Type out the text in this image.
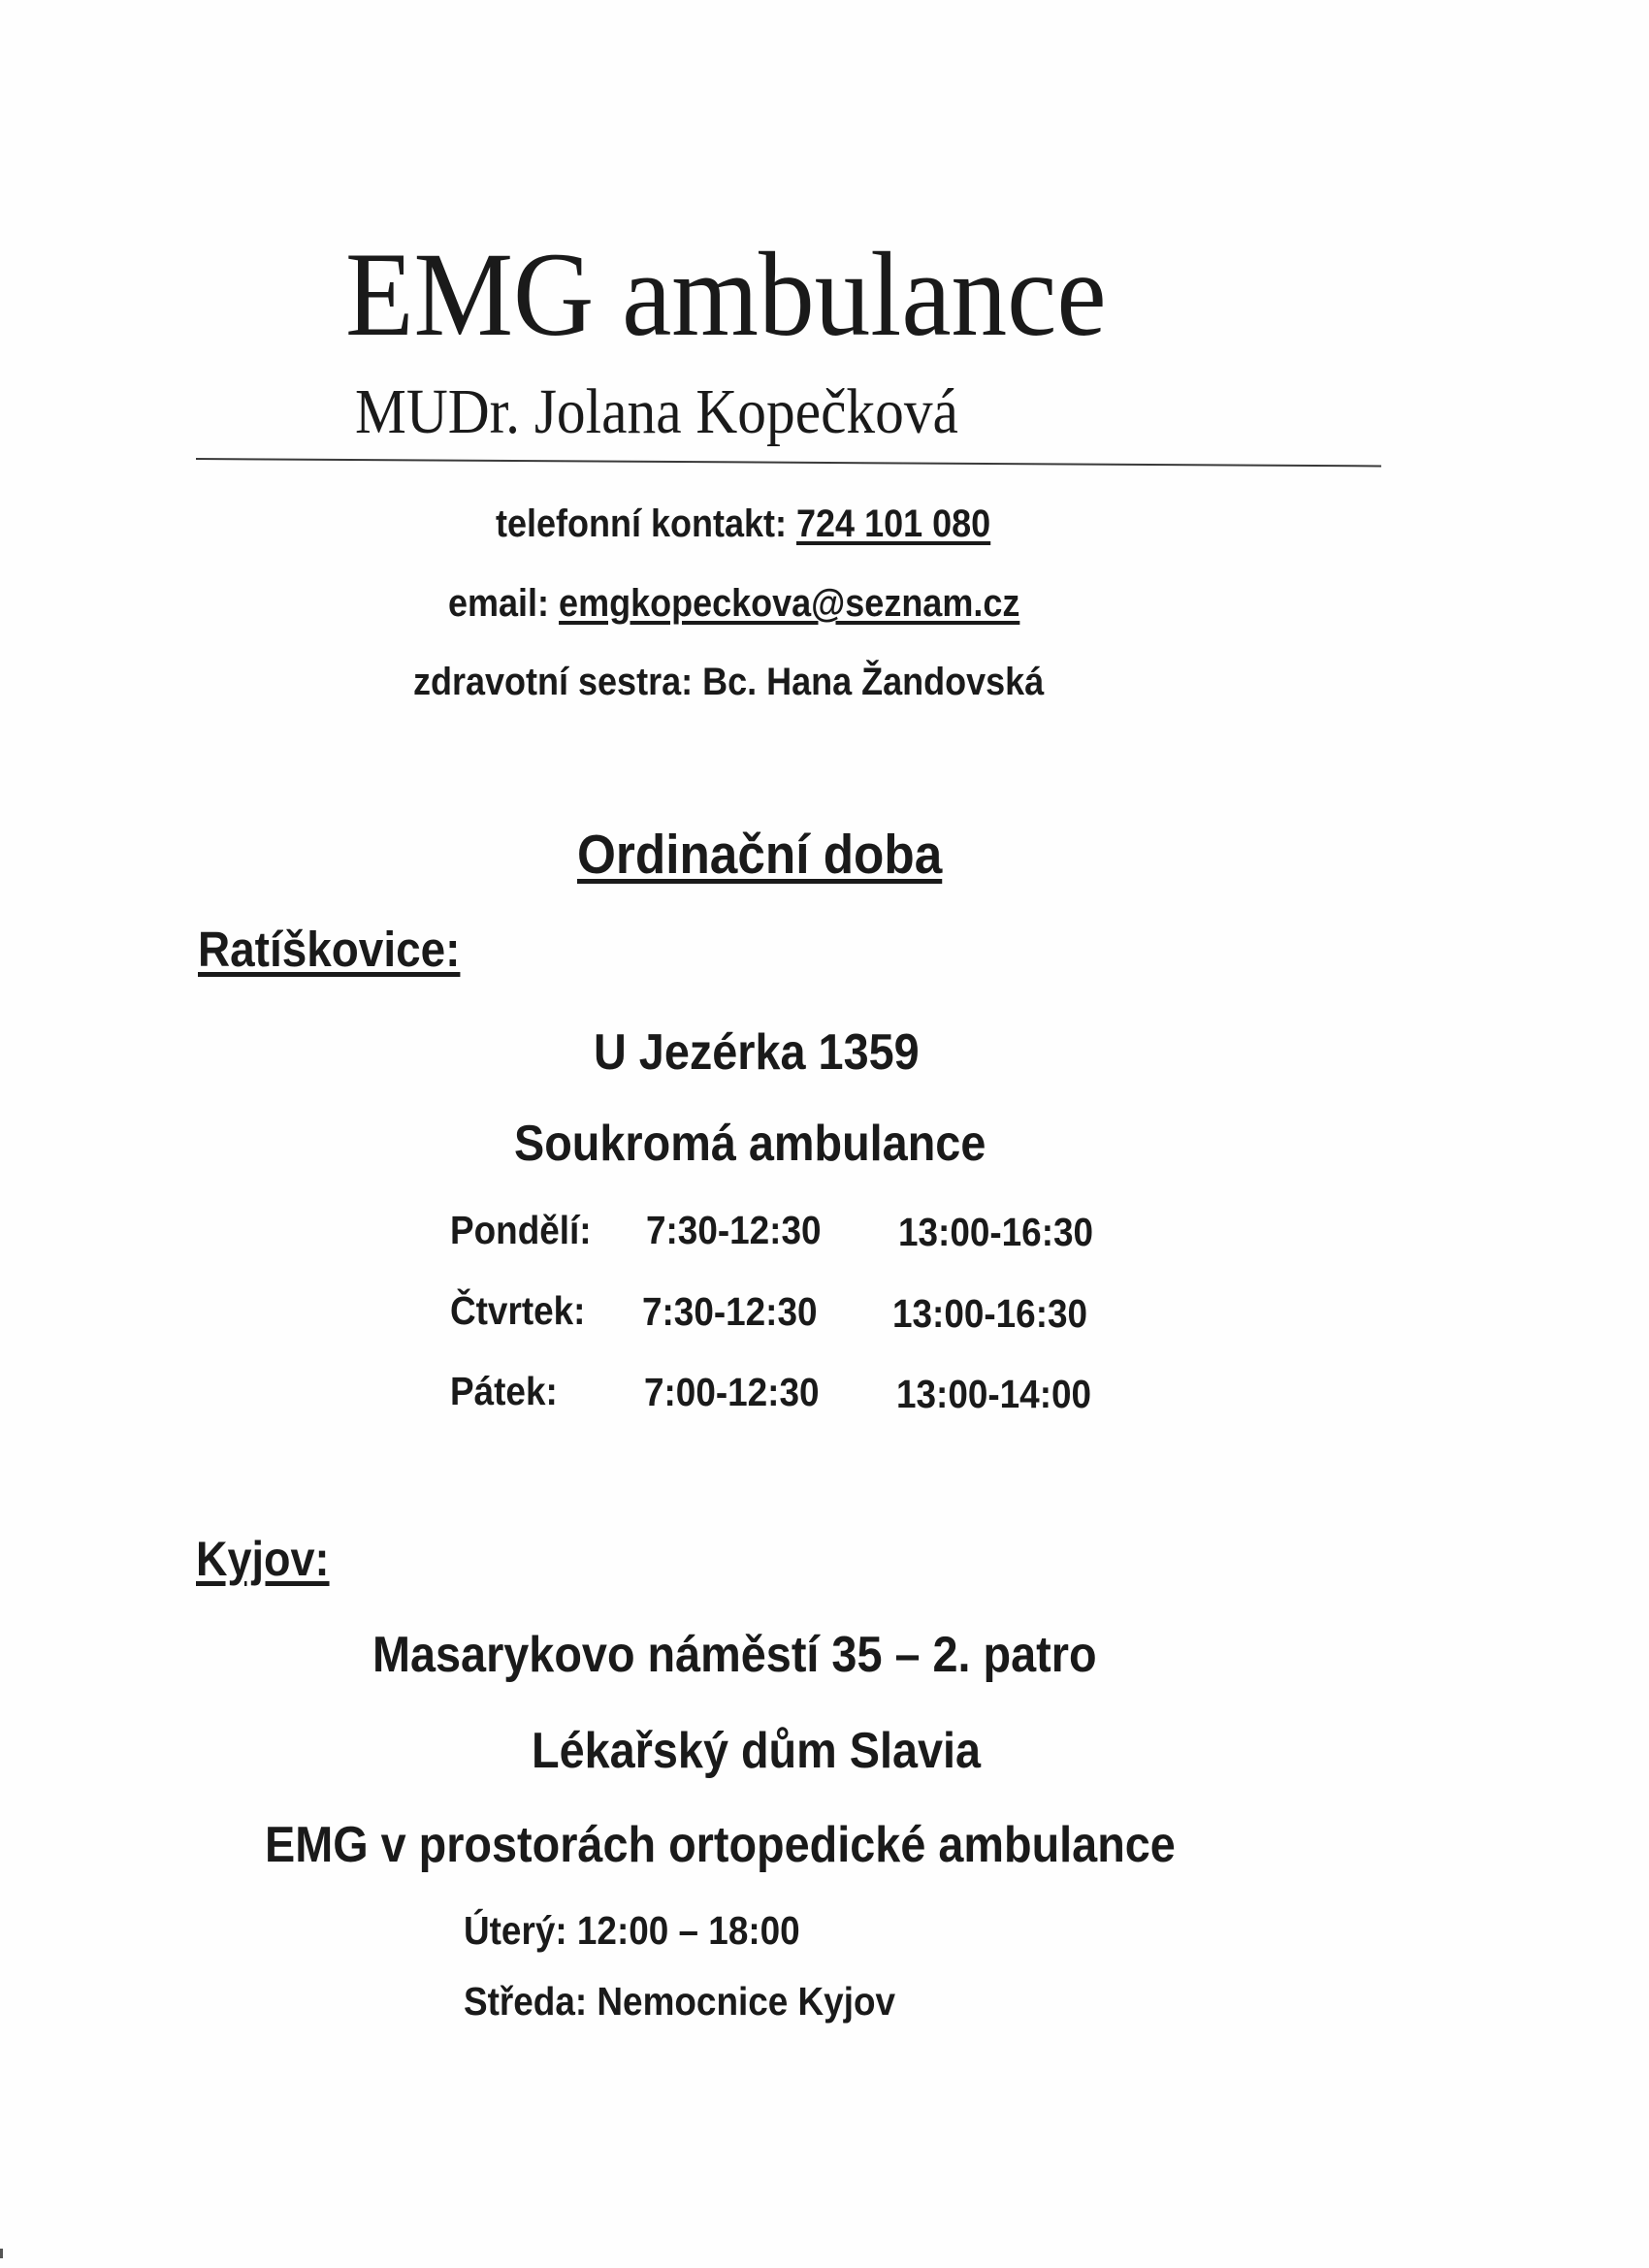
EMG ambulance
MUDr. Jolana Kopečková
telefonní kontakt: 724 101 080
email: emgkopeckova@seznam.cz
zdravotní sestra: Bc. Hana Žandovská
Ordinační doba
Ratíškovice:
U Jezérka 1359
Soukromá ambulance
Pondělí: 7:30-12:30 13:00-16:30
Čtvrtek: 7:30-12:30 13:00-16:30
Pátek: 7:00-12:30 13:00-14:00
Kyjov:
Masarykovo náměstí 35 – 2. patro
Lékařský dům Slavia
EMG v prostorách ortopedické ambulance
Úterý: 12:00 – 18:00
Středa: Nemocnice Kyjov
